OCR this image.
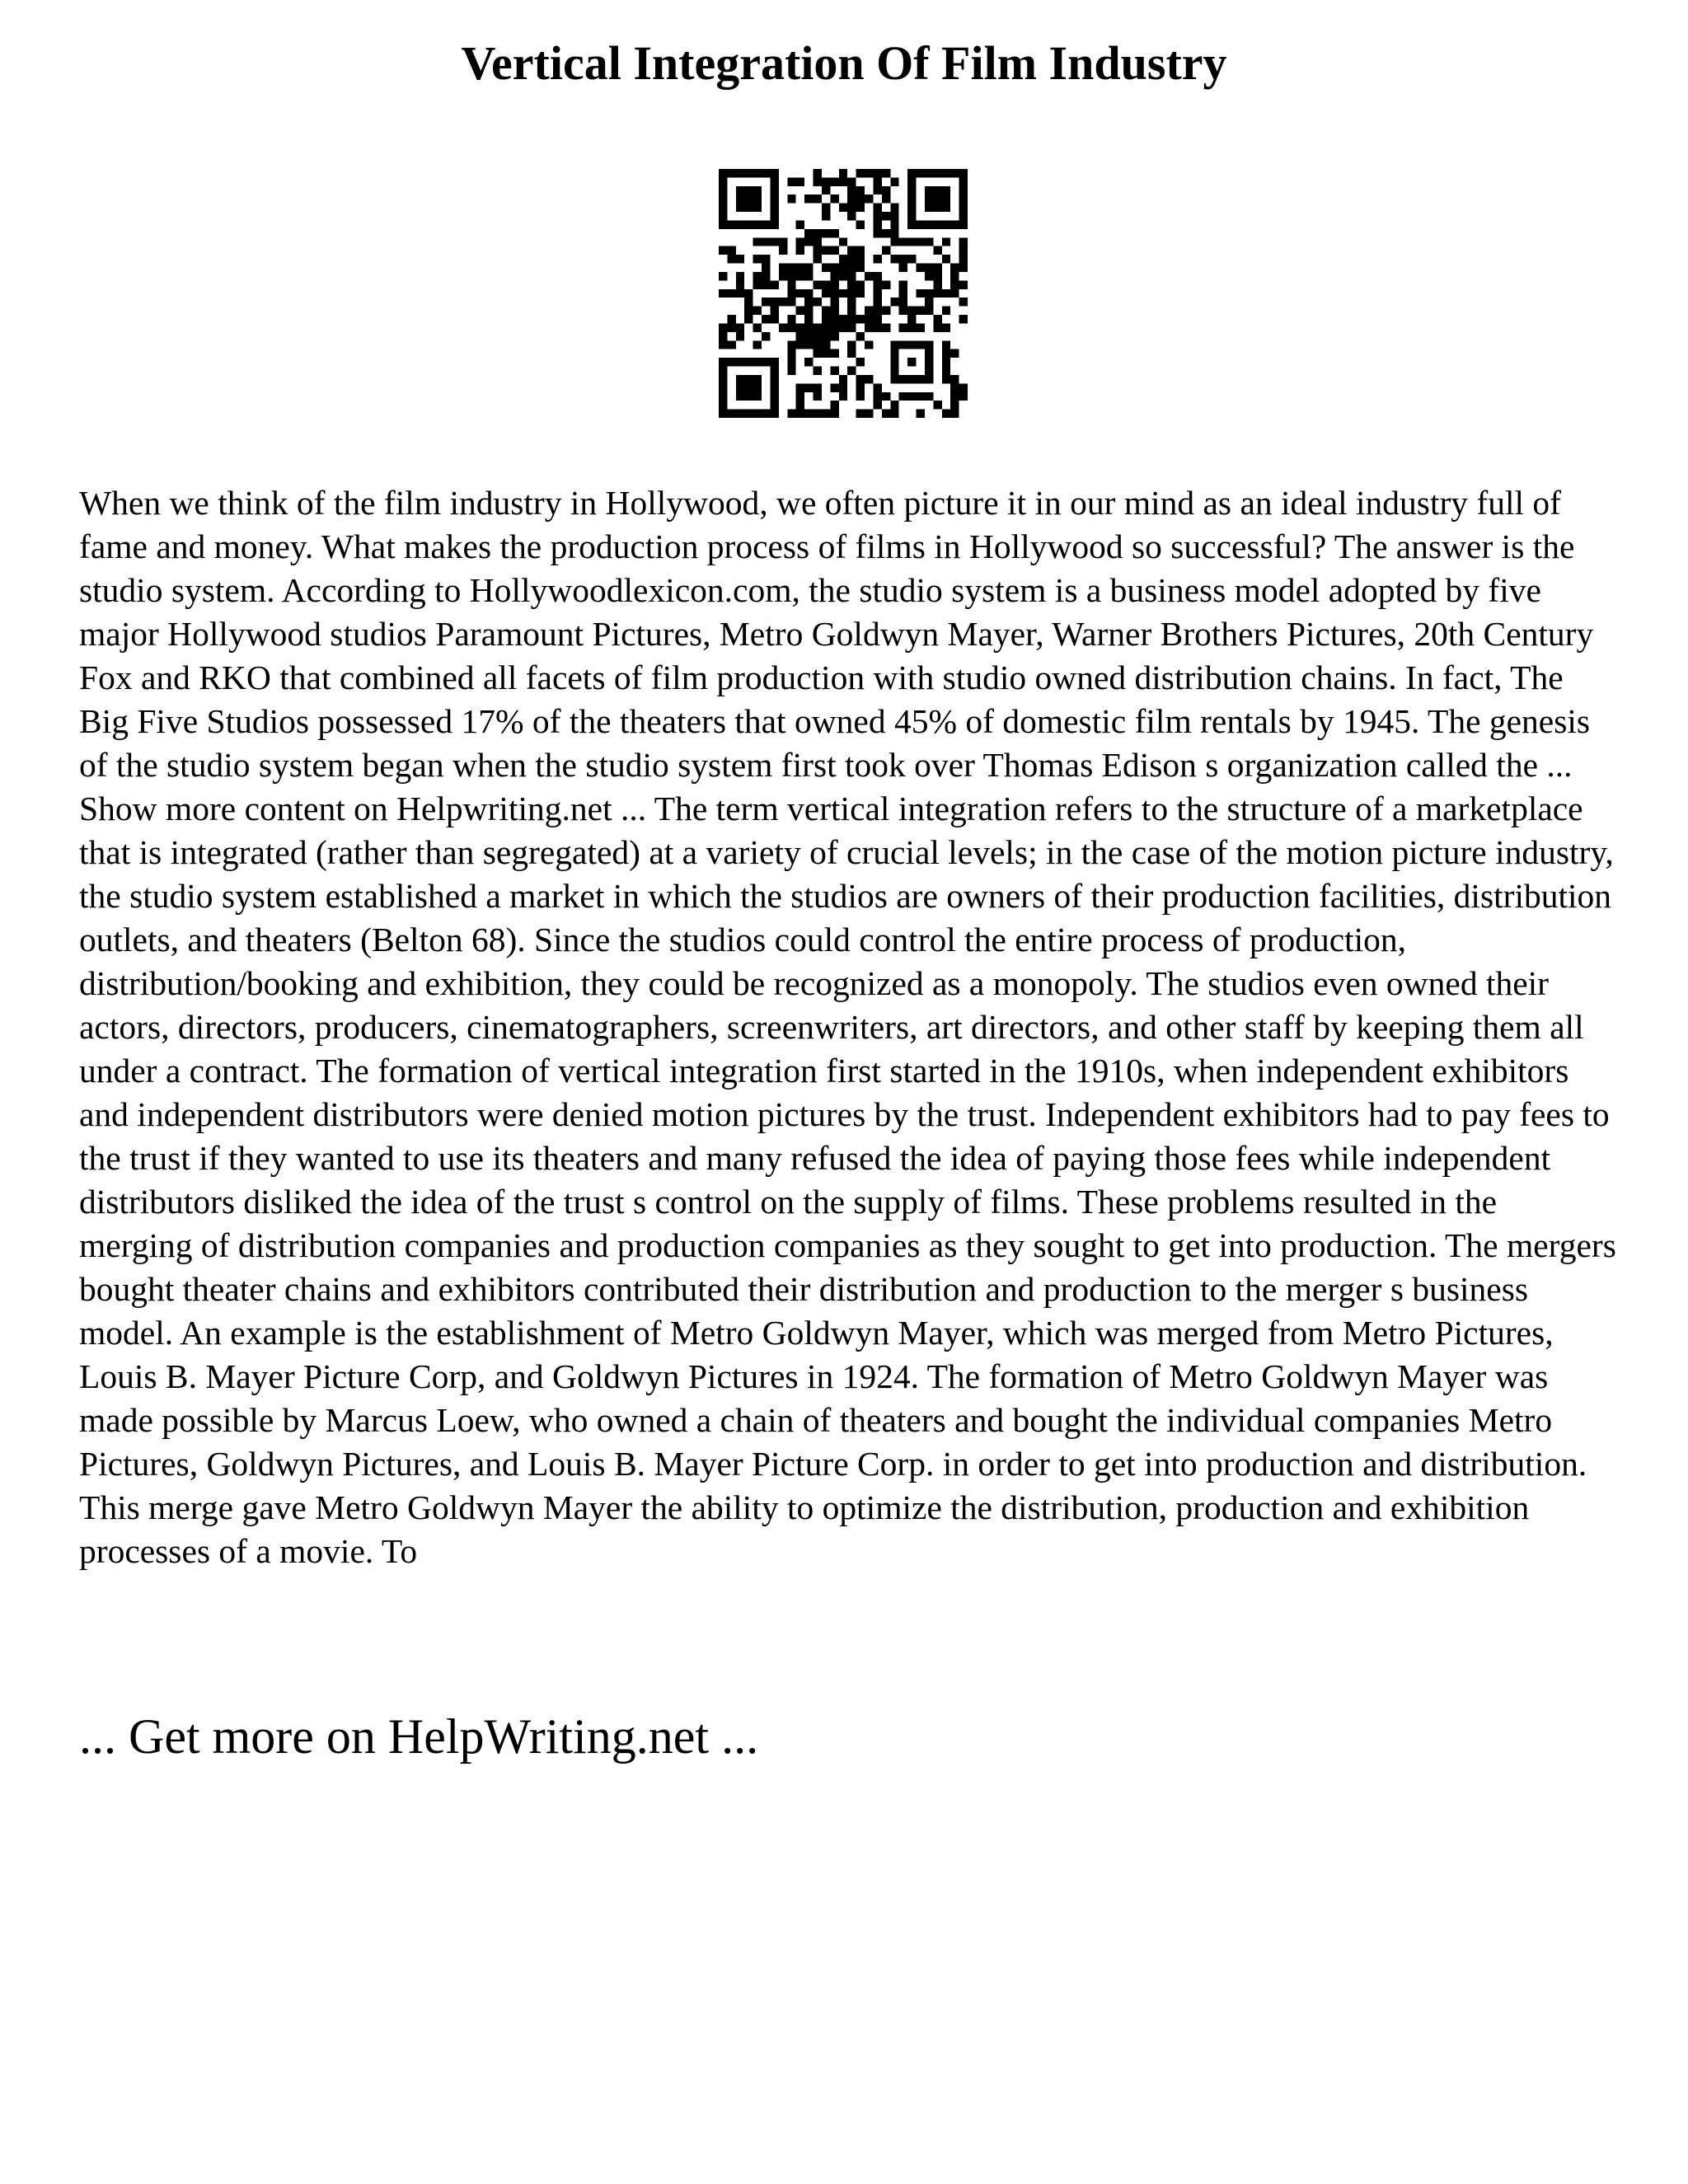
Vertical Integration Of Film Industry

When we think of the film industry in Hollywood, we often picture it in our mind as an ideal industry full of fame and money. What makes the production process of films in Hollywood so successful? The answer is the studio system. According to Hollywoodlexicon.com, the studio system is a business model adopted by five major Hollywood studios Paramount Pictures, Metro Goldwyn Mayer, Warner Brothers Pictures, 20th Century Fox and RKO that combined all facets of film production with studio owned distribution chains. In fact, The Big Five Studios possessed 17% of the theaters that owned 45% of domestic film rentals by 1945. The genesis of the studio system began when the studio system first took over Thomas Edison s organization called the ... Show more content on Helpwriting.net ... The term vertical integration refers to the structure of a marketplace that is integrated (rather than segregated) at a variety of crucial levels; in the case of the motion picture industry, the studio system established a market in which the studios are owners of their production facilities, distribution outlets, and theaters (Belton 68). Since the studios could control the entire process of production, distribution/booking and exhibition, they could be recognized as a monopoly. The studios even owned their actors, directors, producers, cinematographers, screenwriters, art directors, and other staff by keeping them all under a contract. The formation of vertical integration first started in the 1910s, when independent exhibitors and independent distributors were denied motion pictures by the trust. Independent exhibitors had to pay fees to the trust if they wanted to use its theaters and many refused the idea of paying those fees while independent distributors disliked the idea of the trust s control on the supply of films. These problems resulted in the merging of distribution companies and production companies as they sought to get into production. The mergers bought theater chains and exhibitors contributed their distribution and production to the merger s business model. An example is the establishment of Metro Goldwyn Mayer, which was merged from Metro Pictures, Louis B. Mayer Picture Corp, and Goldwyn Pictures in 1924. The formation of Metro Goldwyn Mayer was made possible by Marcus Loew, who owned a chain of theaters and bought the individual companies Metro Pictures, Goldwyn Pictures, and Louis B. Mayer Picture Corp. in order to get into production and distribution. This merge gave Metro Goldwyn Mayer the ability to optimize the distribution, production and exhibition processes of a movie. To

... Get more on HelpWriting.net ...
